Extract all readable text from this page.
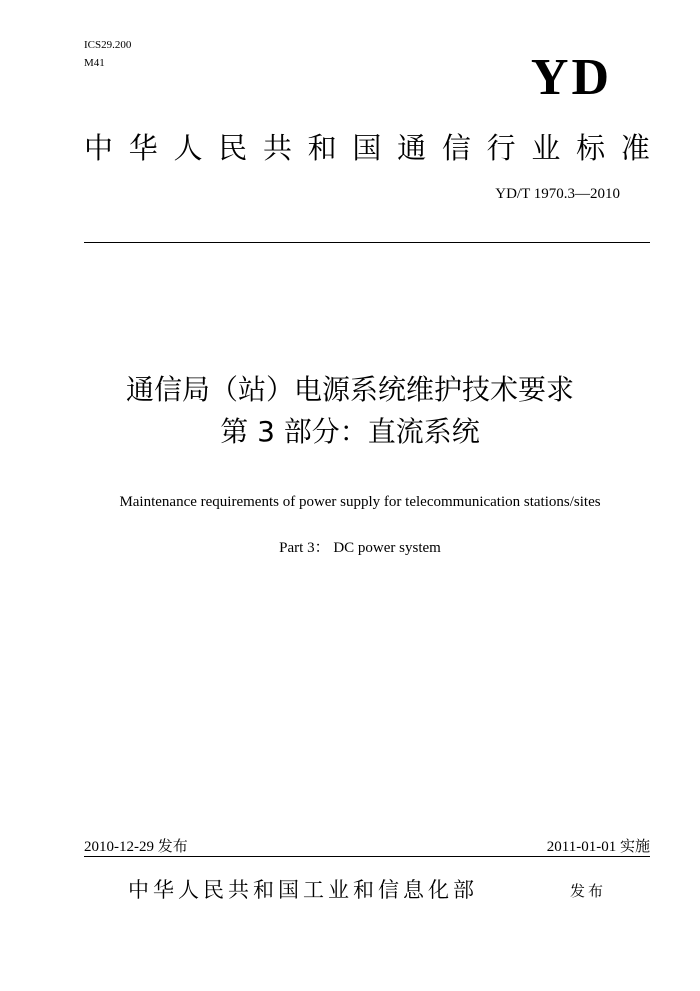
ICS29.200
M41	YD
中 华 人 民 共 和 国 通 信 行 业 标 准
YD/T 1970.3—2010
通信局（站）电源系统维护技术要求
第 3 部分：直流系统
Maintenance requirements of power supply for telecommunication stations/sites
Part 3： DC power system
2010-12-29 发布	2011-01-01 实施
中华人民共和国工业和信息化部	发布
